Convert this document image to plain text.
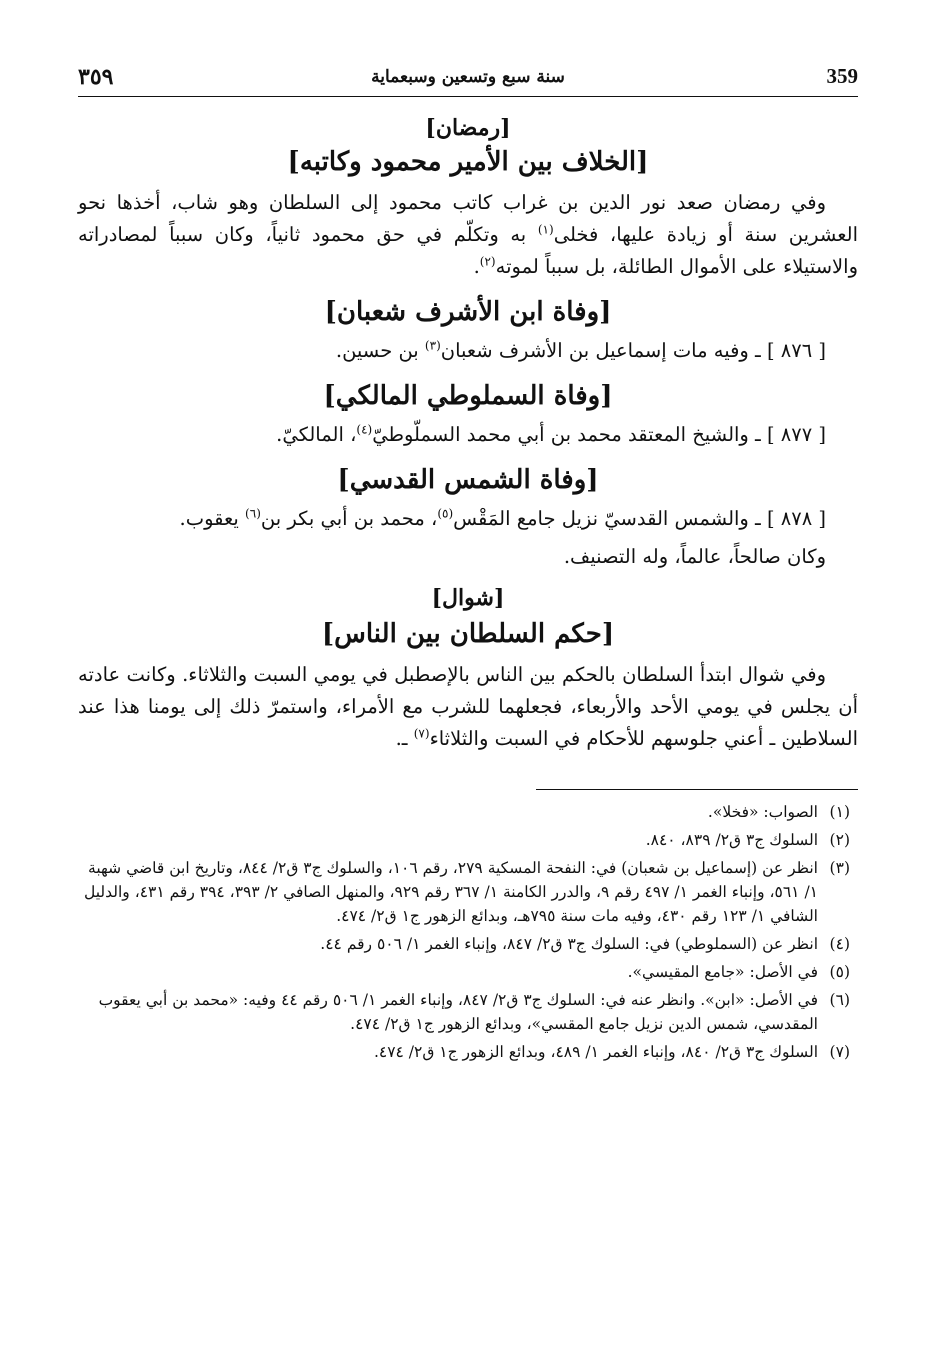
359
سنة سبع وتسعين وسبعماية
٣٥٩
[رمضان]
[الخلاف بين الأمير محمود وكاتبه]

وفي رمضان صعد نور الدين بن غراب كاتب محمود إلى السلطان وهو شاب، أخذها نحو العشرين سنة أو زيادة عليها، فخلى$^{(١)}$ به وتكلّم في حق محمود ثانياً، وكان سبباً لمصادراته والاستيلاء على الأموال الطائلة، بل سبباً لموته$^{(٢)}$.

[وفاة ابن الأشرف شعبان]

[ ٨٧٦ ] ـ وفيه مات إسماعيل بن الأشرف شعبان$^{(٣)}$ بن حسين.

[وفاة السملوطي المالكي]

[ ٨٧٧ ] ـ والشيخ المعتقد محمد بن أبي محمد السملّوطيّ$^{(٤)}$، المالكيّ.

[وفاة الشمس القدسي]

[ ٨٧٨ ] ـ والشمس القدسيّ نزيل جامع المَقْس$^{(٥)}$، محمد بن أبي بكر بن$^{(٦)}$ يعقوب.

وكان صالحاً، عالماً، وله التصنيف.

[شوال]
[حكم السلطان بين الناس]

وفي شوال ابتدأ السلطان بالحكم بين الناس بالإصطبل في يومي السبت والثلاثاء. وكانت عادته أن يجلس في يومي الأحد والأربعاء، فجعلهما للشرب مع الأمراء، واستمرّ ذلك إلى يومنا هذا عند السلاطين ـ أعني جلوسهم للأحكام في السبت والثلاثاء$^{(٧)}$ ـ.

(١)
الصواب: «فخلا».

(٢)
السلوك ج٣ ق٢/ ٨٣٩، ٨٤٠.

(٣)
انظر عن (إسماعيل بن شعبان) في: النفحة المسكية ٢٧٩، رقم ١٠٦، والسلوك ج٣ ق٢/ ٨٤٤، وتاريخ ابن قاضي شهبة ١/ ٥٦١، وإنباء الغمر ١/ ٤٩٧ رقم ٩، والدرر الكامنة ١/ ٣٦٧ رقم ٩٢٩، والمنهل الصافي ٢/ ٣٩٣، ٣٩٤ رقم ٤٣١، والدليل الشافي ١/ ١٢٣ رقم ٤٣٠، وفيه مات سنة ٧٩٥هـ، وبدائع الزهور ج١ ق٢/ ٤٧٤.

(٤)
انظر عن (السملوطي) في: السلوك ج٣ ق٢/ ٨٤٧، وإنباء الغمر ١/ ٥٠٦ رقم ٤٤.

(٥)
في الأصل: «جامع المقيسي».

(٦)
في الأصل: «ابن». وانظر عنه في: السلوك ج٣ ق٢/ ٨٤٧، وإنباء الغمر ١/ ٥٠٦ رقم ٤٤ وفيه: «محمد بن أبي يعقوب المقدسي، شمس الدين نزيل جامع المقسي»، وبدائع الزهور ج١ ق٢/ ٤٧٤.

(٧)
السلوك ج٣ ق٢/ ٨٤٠، وإنباء الغمر ١/ ٤٨٩، وبدائع الزهور ج١ ق٢/ ٤٧٤.
